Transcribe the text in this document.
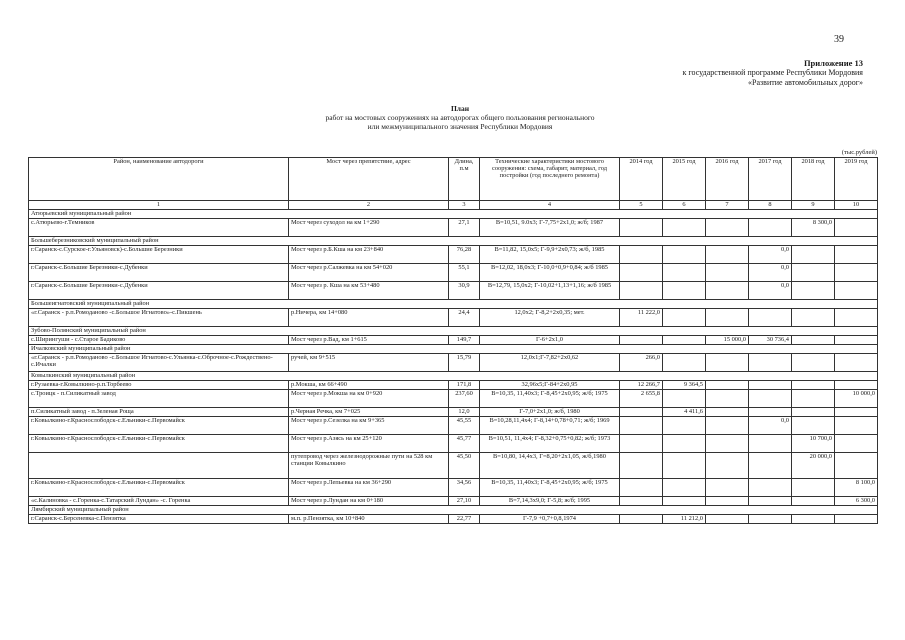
39
Приложение 13
к государственной программе Республики Мордовия
«Развитие автомобильных дорог»
План
работ на мостовых сооружениях на автодорогах общего пользования регионального
или межмуниципального значения Республики Мордовия
(тыс.рублей)
Район, наименование автодороги	Мост через препятствие, адрес	Длина, п.м	Технические характеристики мостового сооружения: схема, габарит, материал, год постройки (год последнего ремонта)	2014 год	2015 год	2016 год	2017 год	2018 год	2019 год
1	2	3	4	5	6	7	8	9	10
Атюрьевский муниципальный район									
с.Атюрьево-г.Темников	Мост через суходол на км 1+290	27,1	B=10,51, 9.0x3; Г-7,75+2x1,0; ж/б; 1987					8 300,0	
Большеберезниковский муниципальный район									
г.Саранск-с.Сурское-г.Ульяновск)-с.Большие Березники	Мост через р.Б.Кша на км 23+840	76,28	B=11,82, 15,0x5; Г-9,9+2x0,73; ж/б, 1985				0,0		
г.Саранск-с.Большие Березники-с.Дубенки	Мост через р.Салжевка на км 54+020	55,1	B=12,02, 18,0x3; Г-10,0+0,9+0,84; ж/б 1985				0,0		
г.Саранск-с.Большие Березники-с.Дубенки	Мост через р. Кша на км 53+480	30,9	B=12,79, 15,0x2; Г-10,02+1,13+1,16; ж/б 1985				0,0		
Большеигнатовский муниципальный район									
«г.Саранск - р.п.Ромоданово -с.Большое Игнатово»-с.Пикшень	р.Ничера, км 14+080	24,4	12,0x2; Г-8,2+2x0,35; мет.	11 222,0					
Зубово-Полянский муниципальный район									
с.Ширингуши - с.Старое Бадиково	Мост через р.Вад, км 1+615	149,7	Г-6+2x1,0			15 000,0	30 736,4		
Ичалковский муниципальный район									
«г.Саранск - р.п.Ромоданово -с.Большое Игнатово-с.Ульянка-с.Оброчное-с.Рождествено-с.Ичалки	ручей, км 9+515	15,79	12,0x1;Г-7,82+2x0,62	266,0					
Ковылкинский муниципальный район									
г.Рузаевка-г.Ковылкино-р.п.Торбеево	р.Мокша, км 66+490	171,8	32,96x5;Г-84+2x0,95	12 266,7	9 364,5				
с.Троицк - п.Силикатный завод	Мост через р.Мокша на км 0+920	237,60	B=10,35, 11,40x3; Г-8,45+2x0,95; ж/б; 1975	2 655,8					10 000,0
п.Силикатный завод - п.Зеленая Роща	р.Черная Речка, км 7+025	12,0	Г-7,0+2x1,0; ж/б, 1980		4 411,6				
г.Ковылкино-г.Краснослободск-с.Ельники-с.Первомайск	Мост через р.Сезелка на км 9+365	45,55	B=10,28,11,4x4; Г-8,14+0,78+0,71; ж/б; 1969				0,0		
г.Ковылкино-г.Краснослободск-с.Ельники-с.Первомайск	Мост через р.Азясь на км 25+120	45,77	B=10,51, 11,4x4; Г-8,32+0,75+0,82; ж/б; 1973					10 700,0	
	путепровод через железнодорожные пути на 528 км станции Ковылкино	45,50	B=10,80, 14,4x3, Г=8,20+2x1,05, ж/б,1980					20 000,0	
г.Ковылкино-г.Краснослободск-с.Ельники-с.Первомайск	Мост через р.Лепьевка на км 36+290	34,56	B=10,35, 11,40x3; Г-8,45+2x0,95; ж/б; 1975						8 100,0
«с.Калиновка - с.Горенка-с.Татарский Лундан» -с. Горенка	Мост через р.Лундан на км 0+180	27,10	B=7,14,3x9,0; Г-5,8; ж/б; 1995						6 300,0
Лямбирский муниципальный район									
г.Саранск-с.Берсеневка-с.Пензятка	м.п. р.Пензятка, км 10+840	22,77	Г-7,9 +0,7+0,8,1974		11 212,0				
